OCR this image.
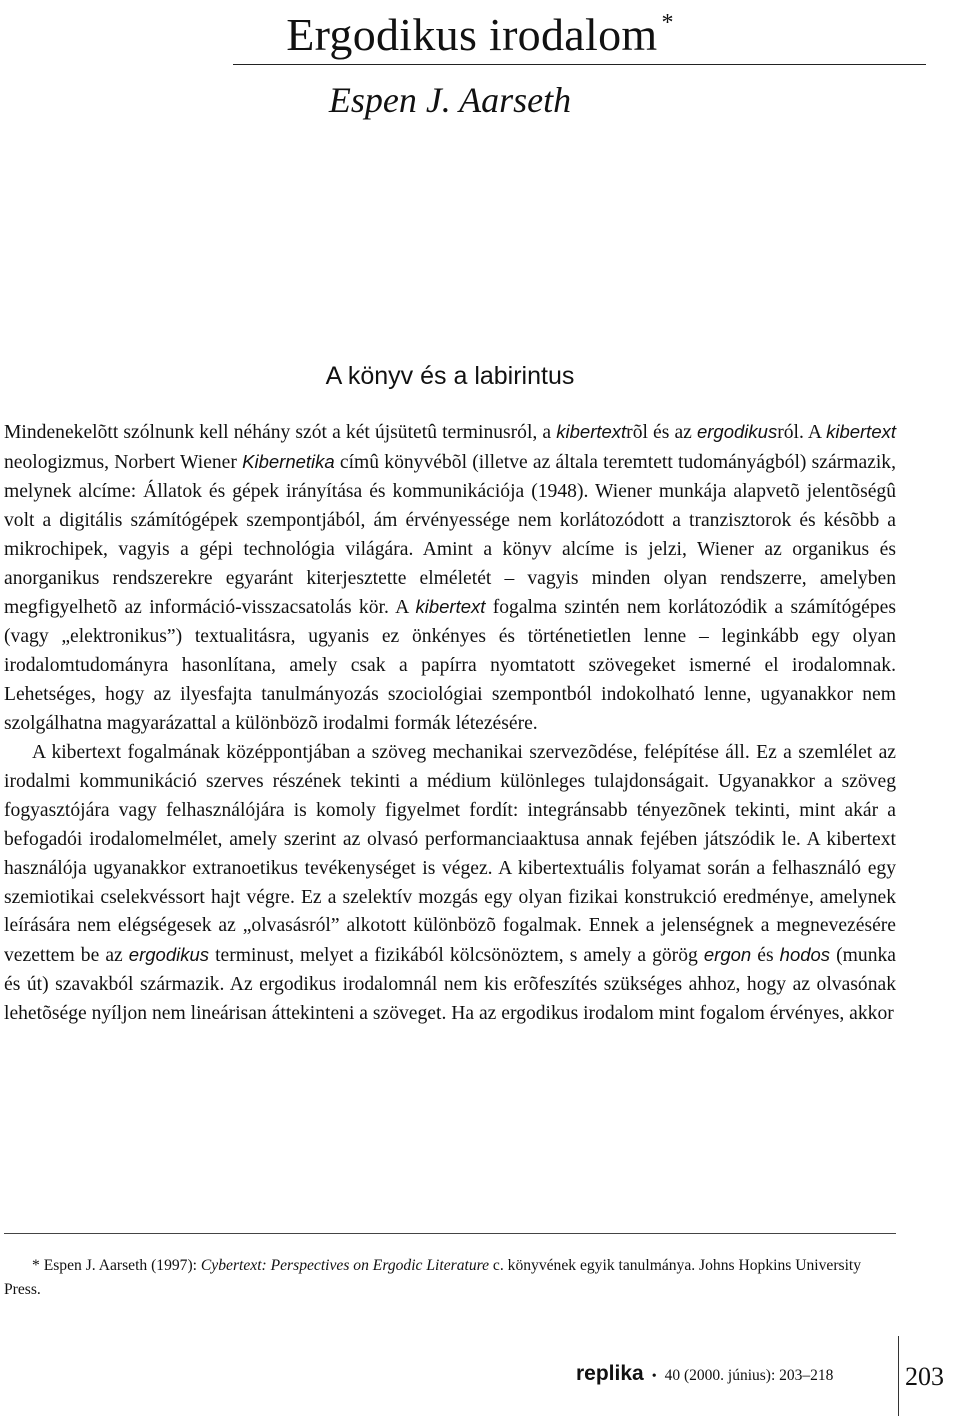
Ergodikus irodalom *
Espen J. Aarseth
A könyv és a labirintus

Mindenekelõtt szólnunk kell néhány szót a két újsütetû terminusról, a kibertextrõl és az ergodikusról. A kibertext neologizmus, Norbert Wiener Kibernetika címû könyvébõl (illetve az általa teremtett tudományágból) származik, melynek alcíme: Állatok és gépek irányítása és kommunikációja (1948). Wiener munkája alapvetõ jelentõségû volt a digitális számítógépek szempontjából, ám érvényessége nem korlátozódott a tranzisztorok és késõbb a mikrochipek, vagyis a gépi technológia világára. Amint a könyv alcíme is jelzi, Wiener az organikus és anorganikus rendszerekre egyaránt kiterjesztette elméletét – vagyis minden olyan rendszerre, amelyben megfigyelhetõ az információ-visszacsatolás kör. A kibertext fogalma szintén nem korlátozódik a számítógépes (vagy „elektronikus”) textualitásra, ugyanis ez önkényes és történetietlen lenne – leginkább egy olyan irodalomtudományra hasonlítana, amely csak a papírra nyomtatott szövegeket ismerné el irodalomnak. Lehetséges, hogy az ilyesfajta tanulmányozás szociológiai szempontból indokolható lenne, ugyanakkor nem szolgálhatna magyarázattal a különbözõ irodalmi formák létezésére.

A kibertext fogalmának középpontjában a szöveg mechanikai szervezõdése, felépítése áll. Ez a szemlélet az irodalmi kommunikáció szerves részének tekinti a médium különleges tulajdonságait. Ugyanakkor a szöveg fogyasztójára vagy felhasználójára is komoly figyelmet fordít: integránsabb tényezõnek tekinti, mint akár a befogadói irodalomelmélet, amely szerint az olvasó performanciaaktusa annak fejében játszódik le. A kibertext használója ugyanakkor extranoetikus tevékenységet is végez. A kibertextuális folyamat során a felhasználó egy szemiotikai cselekvéssort hajt végre. Ez a szelektív mozgás egy olyan fizikai konstrukció eredménye, amelynek leírására nem elégségesek az „olvasásról” alkotott különbözõ fogalmak. Ennek a jelenségnek a megnevezésére vezettem be az ergodikus terminust, melyet a fizikából kölcsönöztem, s amely a görög ergon és hodos (munka és út) szavakból származik. Az ergodikus irodalomnál nem kis erõfeszítés szükséges ahhoz, hogy az olvasónak lehetõsége nyíljon nem lineárisan áttekinteni a szöveget. Ha az ergodikus irodalom mint fogalom érvényes, akkor

* Espen J. Aarseth (1997): Cybertext: Perspectives on Ergodic Literature c. könyvének egyik tanulmánya. Johns Hopkins University Press.
replika • 40 (2000. június): 203–218	203
